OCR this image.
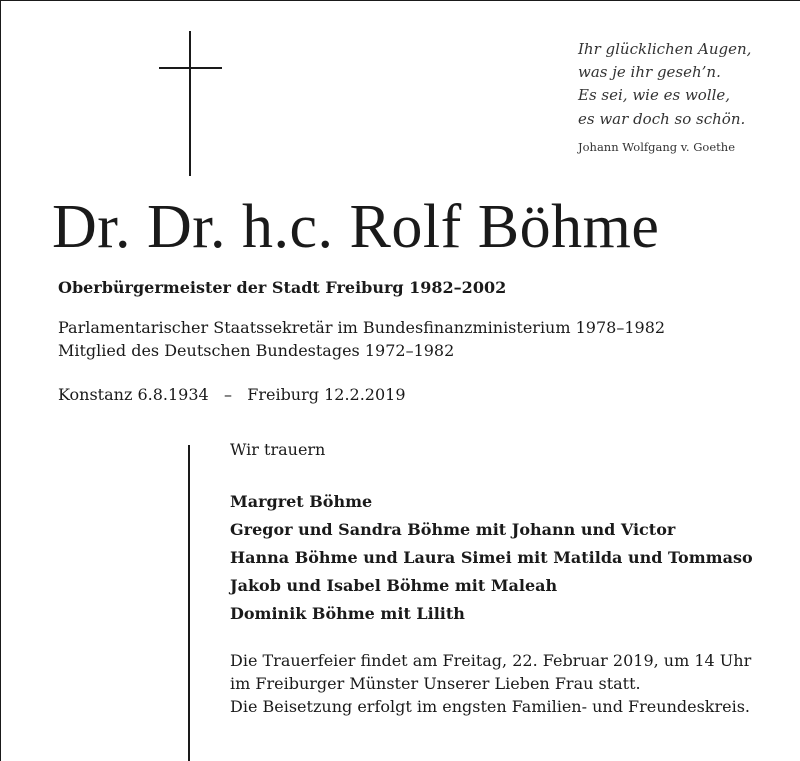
Ihr glücklichen Augen,
was je ihr geseh’n.
Es sei, wie es wolle,
es war doch so schön.
Johann Wolfgang v. Goethe
Dr. Dr. h.c. Rolf Böhme
Oberbürgermeister der Stadt Freiburg 1982–2002
Parlamentarischer Staatssekretär im Bundesfinanzministerium 1978–1982
Mitglied des Deutschen Bundestages 1972–1982
Konstanz 6.8.1934   –   Freiburg 12.2.2019
Wir trauern
Margret Böhme
Gregor und Sandra Böhme mit Johann und Victor
Hanna Böhme und Laura Simei mit Matilda und Tommaso
Jakob und Isabel Böhme mit Maleah
Dominik Böhme mit Lilith
Die Trauerfeier findet am Freitag, 22. Februar 2019, um 14 Uhr
im Freiburger Münster Unserer Lieben Frau statt.
Die Beisetzung erfolgt im engsten Familien- und Freundeskreis.
